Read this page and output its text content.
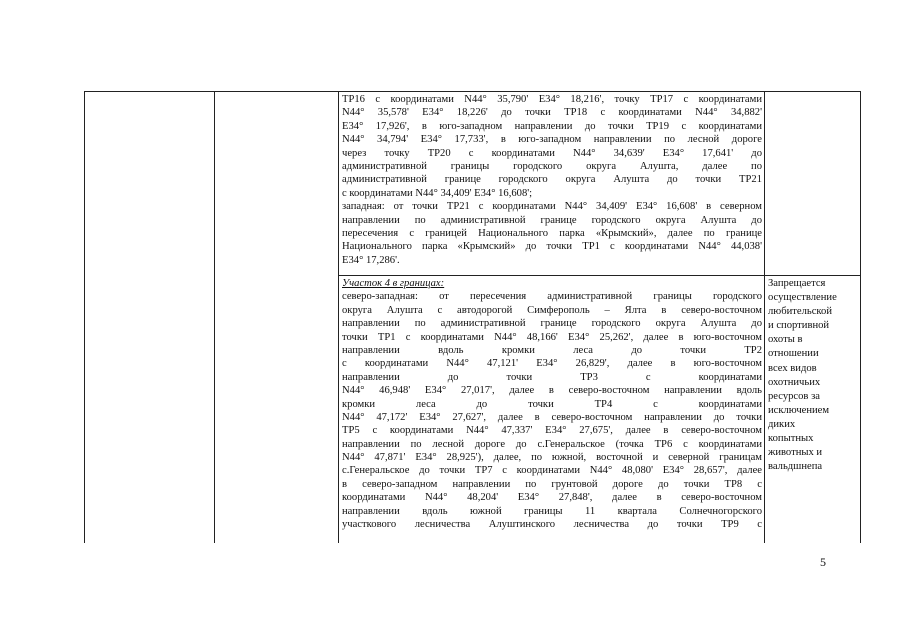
ТР16 с координатами N44° 35,790' E34° 18,216', точку ТР17 с координатами
N44° 35,578' E34° 18,226' до точки ТР18 с координатами N44° 34,882'
E34° 17,926', в юго-западном направлении до точки ТР19 с координатами
N44° 34,794' E34° 17,733', в юго-западном направлении по лесной дороге
через точку ТР20 с координатами N44° 34,639' E34° 17,641' до
административной границы городского округа Алушта, далее по
административной границе городского округа Алушта до точки ТР21
с координатами N44° 34,409' E34° 16,608';
западная: от точки ТР21 с координатами N44° 34,409' E34° 16,608' в северном
направлении по административной границе городского округа Алушта до
пересечения с границей Национального парка «Крымский», далее по границе
Национального парка «Крымский» до точки ТР1 с координатами N44° 44,038'
E34° 17,286'.
Участок 4 в границах:
северо-западная: от пересечения административной границы городского
округа Алушта с автодорогой Симферополь – Ялта в северо-восточном
направлении по административной границе городского округа Алушта до
точки ТР1 с координатами N44° 48,166' E34° 25,262', далее в юго-восточном
направлении вдоль кромки леса до точки ТР2
с координатами N44° 47,121' E34° 26,829', далее в юго-восточном
направлении до точки ТР3 с координатами
N44° 46,948' E34° 27,017', далее в северо-восточном направлении вдоль
кромки леса до точки ТР4 с координатами
N44° 47,172' E34° 27,627', далее в северо-восточном направлении до точки
ТР5 с координатами N44° 47,337' E34° 27,675', далее в северо-восточном
направлении по лесной дороге до с.Генеральское (точка ТР6 с координатами
N44° 47,871' E34° 28,925'), далее, по южной, восточной и северной границам
с.Генеральское до точки ТР7 с координатами N44° 48,080' E34° 28,657', далее
в северо-западном направлении по грунтовой дороге до точки ТР8 с
координатами N44° 48,204' E34° 27,848', далее в северо-восточном
направлении вдоль южной границы 11 квартала Солнечногорского
участкового лесничества Алуштинского лесничества до точки ТР9 с
Запрещается
осуществление
любительской
и спортивной
охоты в
отношении
всех видов
охотничьих
ресурсов за
исключением
диких
копытных
животных и
вальдшнепа
5
